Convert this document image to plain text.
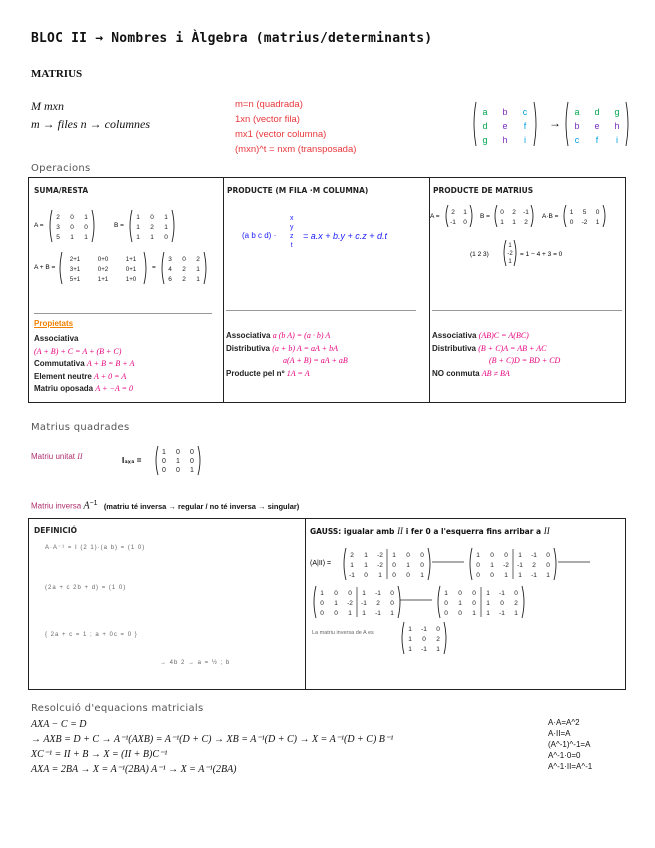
BLOC II → Nombres i Àlgebra (matrius/determinants)
MATRIUS
M mxn
m → files n → columnes
m=n (quadrada)
1xn (vector fila)
mx1 (vector columna)
(mxn)^t = nxm (transposada)
a b c
d e f
g h i
a d g
b e h
c f i
→
Operacions
SUMA/RESTA
A =
2 0 1
3 0 0
5 1 1
B =
1 0 1
1 2 1
1 1 0
A + B =
2+1	0+0	1+1
3+1	0+2	0+1
5+1	1+1	1+0
=
3 0 2
4 2 1
6 2 1
Propietats
Associativa
(A + B) + C = A + (B + C)
Commutativa A + B = B + A
Element neutre A + 0 = A
Matriu oposada A + −A = 0
PRODUCTE (M FILA ·M COLUMNA)
(a b c d) ·
x
y
z
t
= a.x + b.y + c.z + d.t
Associativa a (b A) = (a · b) A
Distributiva (a + b) A = aA + bA
a(A + B) = aA + aB
Producte pel nº 1A = A
PRODUCTE DE MATRIUS
A =
2 1
-1 0
B =
0 2 -1
1 1 2
A·B =
1 5 0
0 -2 1
(1 2 3)
1
-2
1
= 1 − 4 + 3 = 0
Associativa (AB)C = A(BC)
Distributiva (B + C)A = AB + AC
(B + C)D = BD + CD
NO conmuta AB ≠ BA
Matrius quadrades
Matriu unitat II	I₃ₓ₃ =
1 0 0
0 1 0
0 0 1
Matriu inversa $A^{-1}$ (matriu té inversa → regular / no té inversa → singular)
DEFINICIÓ
A·A⁻¹ = I (2 1)·(a b) = (1 0)
(2a + c 2b + d) = (1 0)
{ 2a + c = 1 ; a + 0c = 0 }
→ 4b 2 → a = ½ ; b
GAUSS: igualar amb II i fer 0 a l'esquerra fins arribar a II
(A|II) =
2 1 -2 1 0 0
1 1 -2 0 1 0
-1 0 1 0 0 1
1 0 0 1 -1 0
0 1 -2 -1 2 0
0 0 1 1 -1 1
1 0 0 1 -1 0
0 1 -2 -1 2 0
0 0 1 1 -1 1
1 0 0 1 -1 0
0 1 0 1 0 2
0 0 1 1 -1 1
La matriu inversa de A es	1 -1 0
1 0 2
1 -1 1
Resolcuió d'equacions matricials
AXA − C = D
→ AXB = D + C → A⁻¹(AXB) = A⁻¹(D + C) → XB = A⁻¹(D + C) → X = A⁻¹(D + C) B⁻¹
XC⁻¹ = II + B → X = (II + B)C⁻¹
AXA = 2BA → X = A⁻¹(2BA) A⁻¹ → X = A⁻¹(2BA)
A·A=A^2
A·II=A
(A^-1)^-1=A
A^-1·0=0
A^-1·II=A^-1
